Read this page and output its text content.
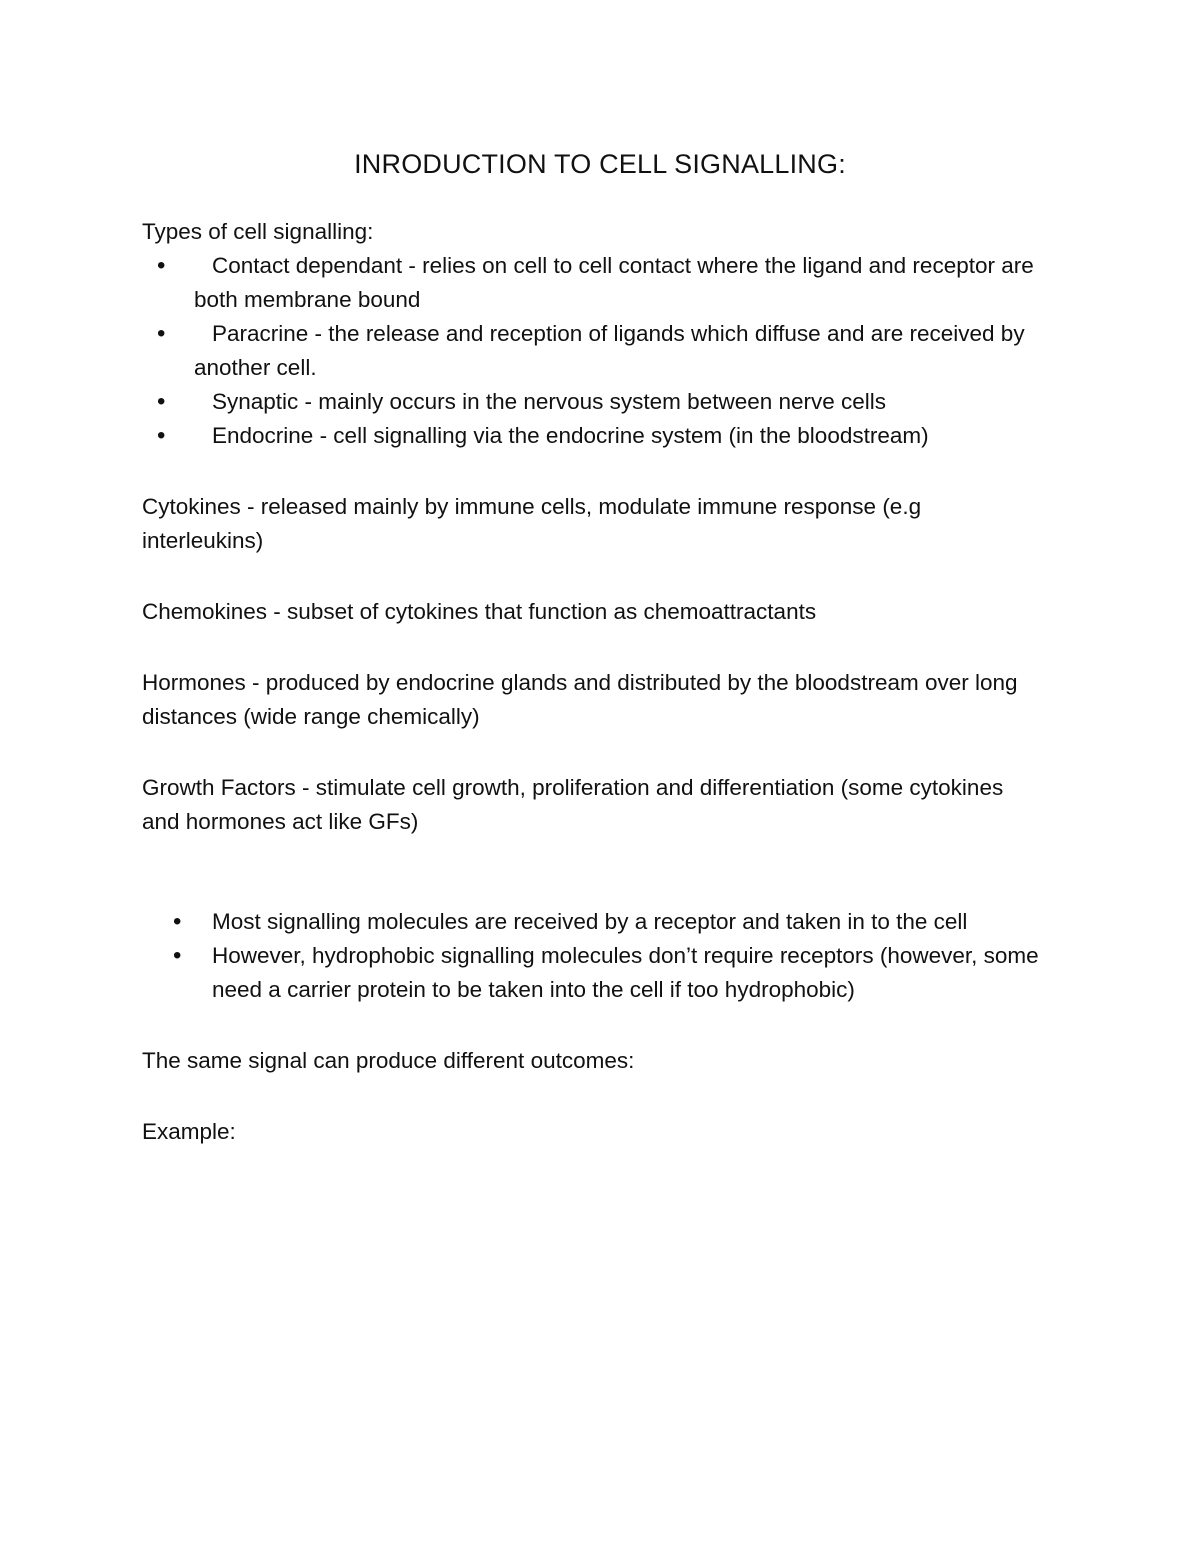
INRODUCTION TO CELL SIGNALLING:

Types of cell signalling:

• Contact dependant - relies on cell to cell contact where the ligand and receptor are both membrane bound
• Paracrine - the release and reception of ligands which diffuse and are received by another cell.
• Synaptic - mainly occurs in the nervous system between nerve cells
• Endocrine - cell signalling via the endocrine system (in the bloodstream)

Cytokines - released mainly by immune cells, modulate immune response (e.g interleukins)

Chemokines - subset of cytokines that function as chemoattractants

Hormones - produced by endocrine glands and distributed by the bloodstream over long distances (wide range chemically)

Growth Factors - stimulate cell growth, proliferation and differentiation (some cytokines and hormones act like GFs)

• Most signalling molecules are received by a receptor and taken in to the cell
• However, hydrophobic signalling molecules don’t require receptors (however, some need a carrier protein to be taken into the cell if too hydrophobic)

The same signal can produce different outcomes:

Example:
